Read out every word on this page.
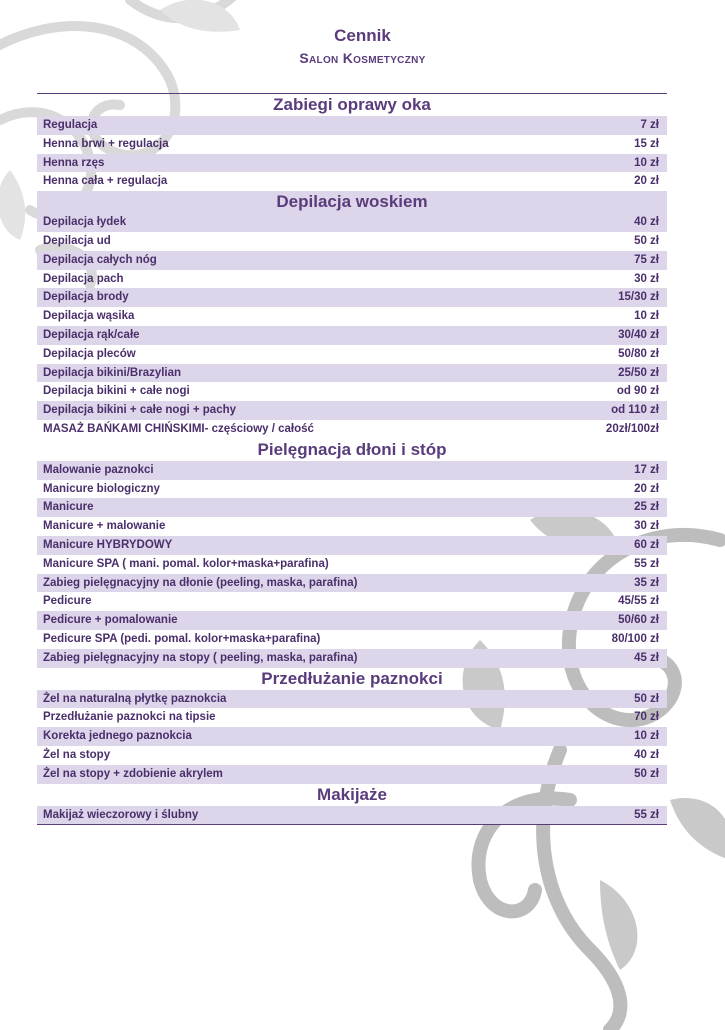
Cennik
Salon Kosmetyczny
Zabiegi oprawy oka
Regulacja	7 zł
Henna brwi + regulacja	15 zł
Henna rzęs	10 zł
Henna cała + regulacja	20 zł
Depilacja woskiem
Depilacja łydek	40 zł
Depilacja ud	50 zł
Depilacja całych nóg	75 zł
Depilacja pach	30 zł
Depilacja brody	15/30 zł
Depilacja wąsika	10 zł
Depilacja rąk/całe	30/40 zł
Depilacja pleców	50/80 zł
Depilacja bikini/Brazylian	25/50 zł
Depilacja bikini + całe nogi	od 90 zł
Depilacja bikini + całe nogi + pachy	od 110 zł
MASAŻ BAŃKAMI CHIŃSKIMI- częściowy / całość	20zł/100zł
Pielęgnacja dłoni i stóp
Malowanie paznokci	17 zł
Manicure biologiczny	20 zł
Manicure	25 zł
Manicure + malowanie	30 zł
Manicure HYBRYDOWY	60 zł
Manicure SPA ( mani. pomal. kolor+maska+parafina)	55 zł
Zabieg pielęgnacyjny na dłonie (peeling, maska, parafina)	35 zł
Pedicure	45/55 zł
Pedicure + pomalowanie	50/60 zł
Pedicure SPA (pedi. pomal. kolor+maska+parafina)	80/100 zł
Zabieg pielęgnacyjny na stopy ( peeling, maska, parafina)	45 zł
Przedłużanie paznokci
Żel na naturalną płytkę paznokcia	50 zł
Przedłużanie paznokci na tipsie	70 zł
Korekta jednego paznokcia	10 zł
Żel na stopy	40 zł
Żel na stopy + zdobienie akrylem	50 zł
Makijaże
Makijaż wieczorowy i ślubny	55 zł
